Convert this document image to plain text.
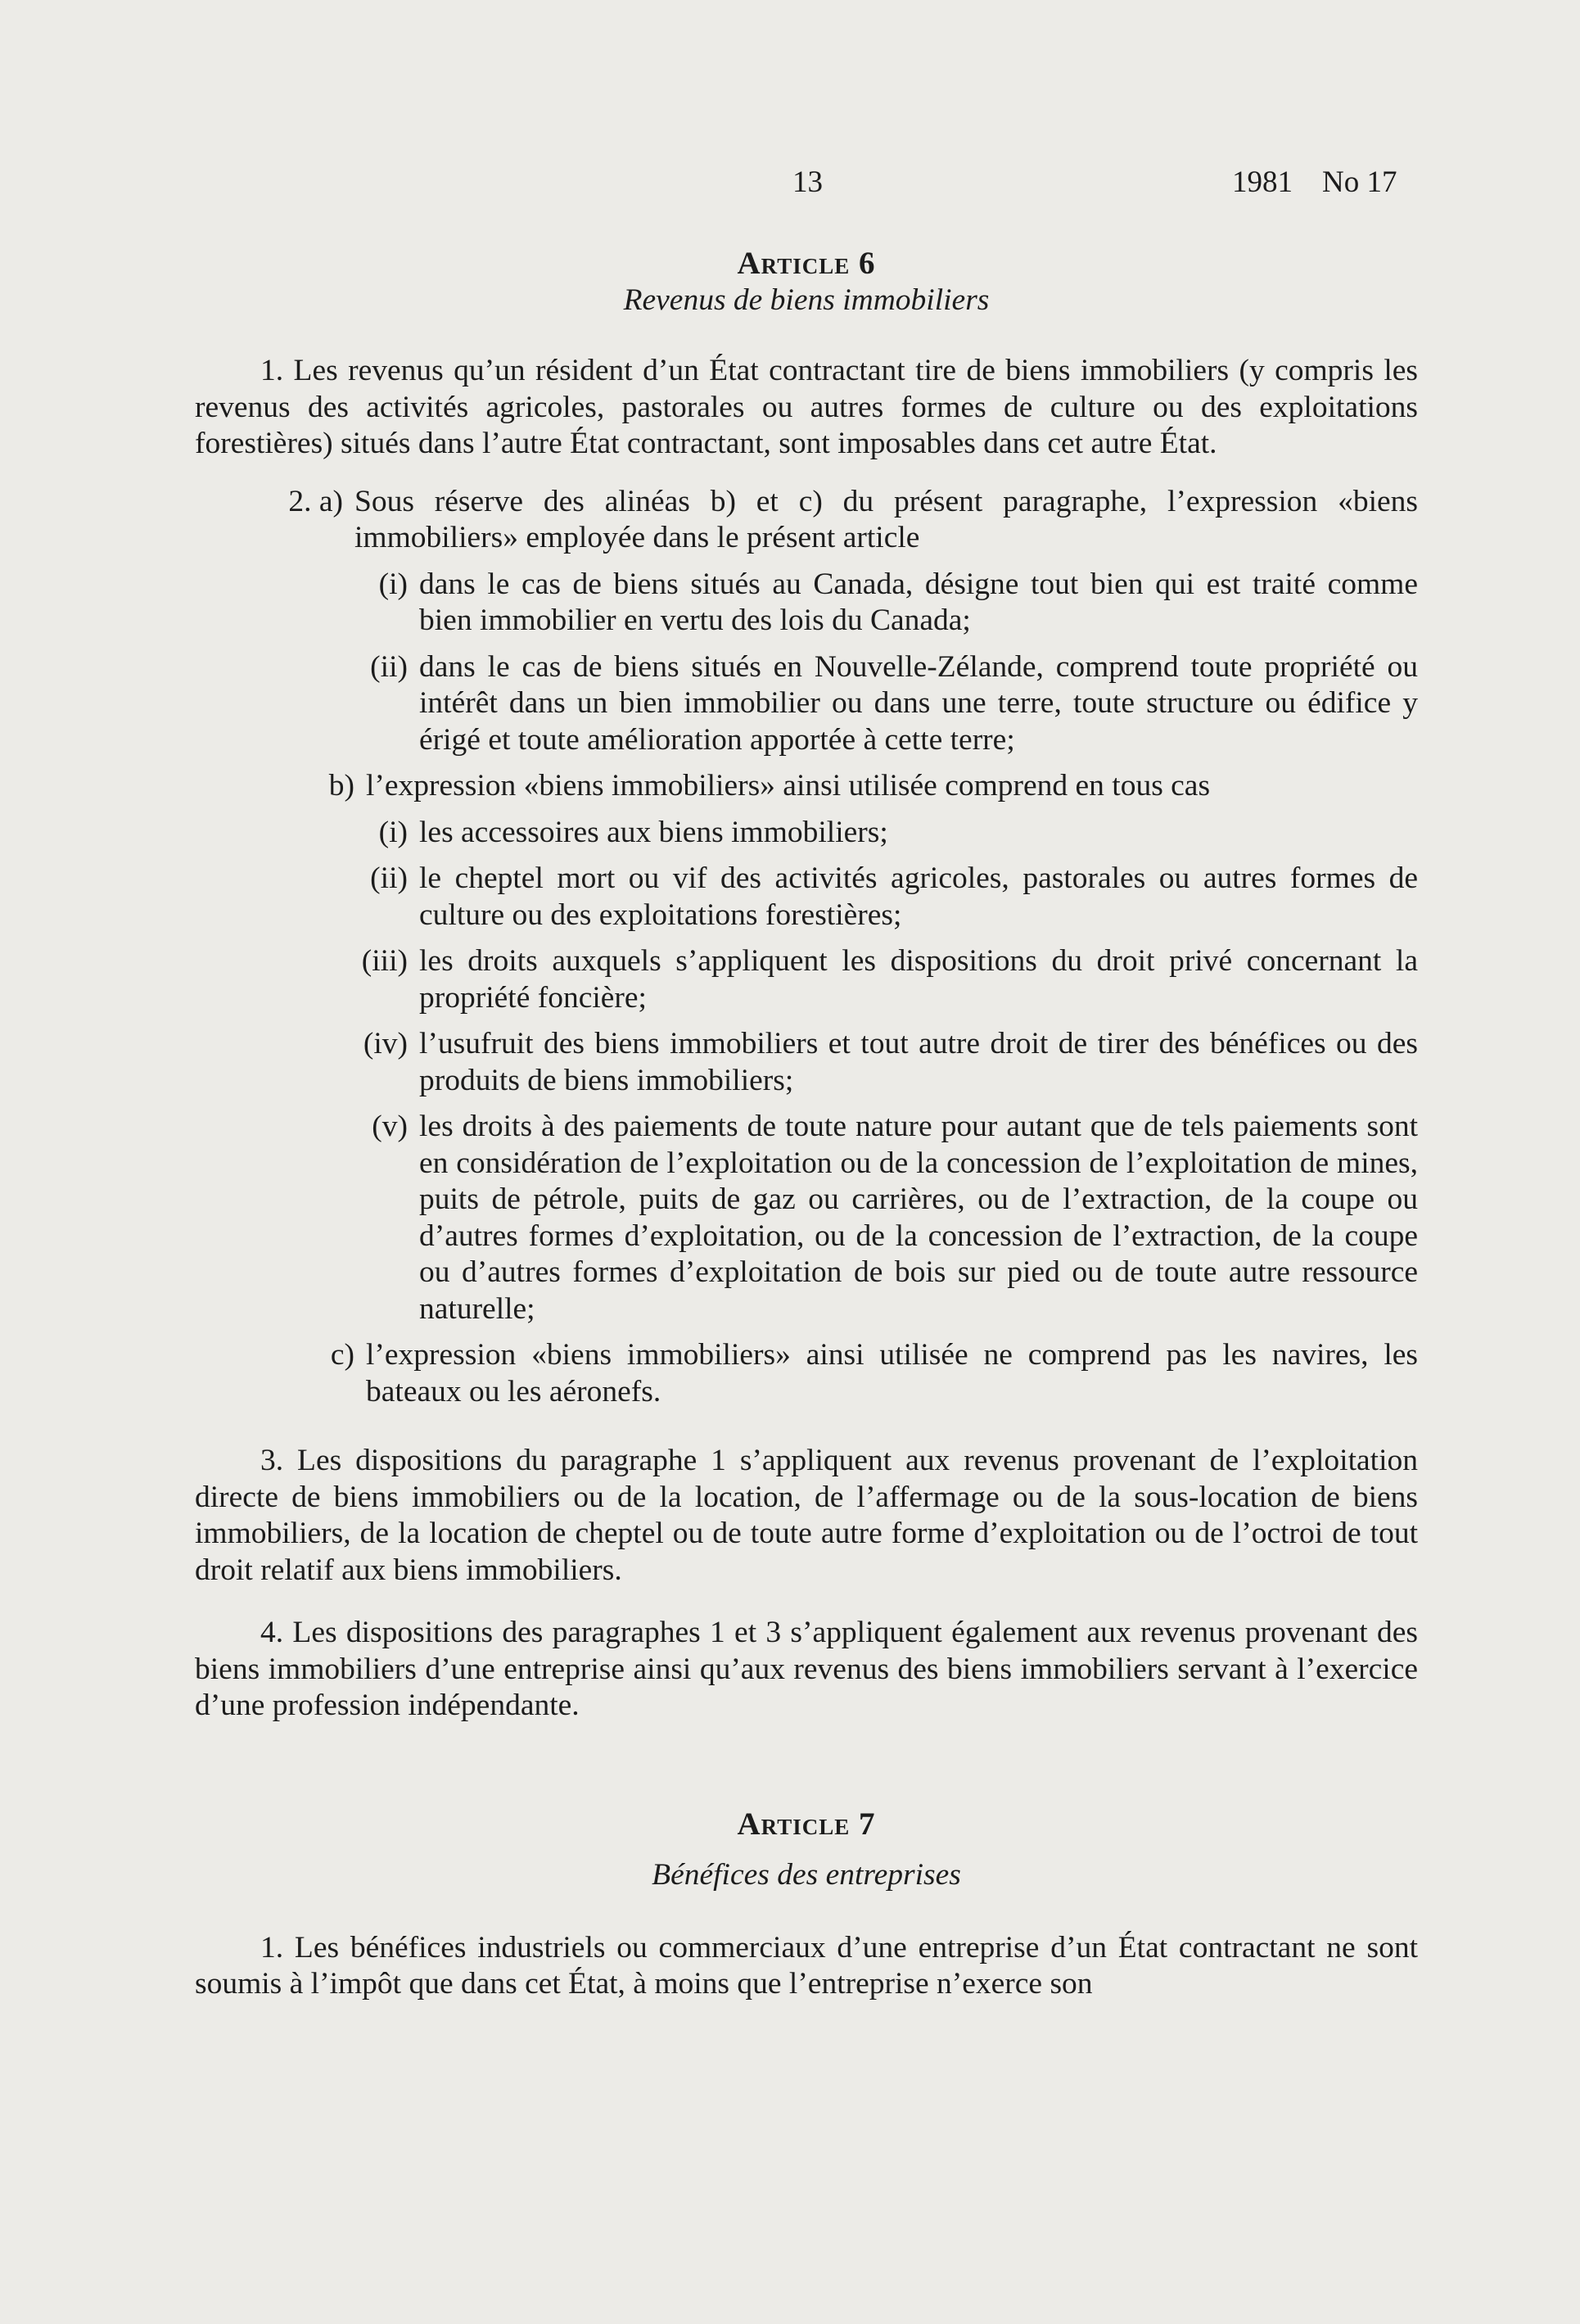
13	1981 No 17
Article 6

Revenus de biens immobiliers

1. Les revenus qu’un résident d’un État contractant tire de biens immobiliers (y compris les revenus des activités agricoles, pastorales ou autres formes de culture ou des exploitations forestières) situés dans l’autre État contractant, sont imposables dans cet autre État.

2. a) Sous réserve des alinéas b) et c) du présent paragraphe, l’expression «biens immobiliers» employée dans le présent article
(i) dans le cas de biens situés au Canada, désigne tout bien qui est traité comme bien immobilier en vertu des lois du Canada;
(ii) dans le cas de biens situés en Nouvelle-Zélande, comprend toute propriété ou intérêt dans un bien immobilier ou dans une terre, toute structure ou édifice y érigé et toute amélioration apportée à cette terre;
b) l’expression «biens immobiliers» ainsi utilisée comprend en tous cas
(i) les accessoires aux biens immobiliers;
(ii) le cheptel mort ou vif des activités agricoles, pastorales ou autres formes de culture ou des exploitations forestières;
(iii) les droits auxquels s’appliquent les dispositions du droit privé concernant la propriété foncière;
(iv) l’usufruit des biens immobiliers et tout autre droit de tirer des bénéfices ou des produits de biens immobiliers;
(v) les droits à des paiements de toute nature pour autant que de tels paiements sont en considération de l’exploitation ou de la concession de l’exploitation de mines, puits de pétrole, puits de gaz ou carrières, ou de l’extraction, de la coupe ou d’autres formes d’exploitation, ou de la concession de l’extraction, de la coupe ou d’autres formes d’exploitation de bois sur pied ou de toute autre ressource naturelle;
c) l’expression «biens immobiliers» ainsi utilisée ne comprend pas les navires, les bateaux ou les aéronefs.

3. Les dispositions du paragraphe 1 s’appliquent aux revenus provenant de l’exploitation directe de biens immobiliers ou de la location, de l’affermage ou de la sous-location de biens immobiliers, de la location de cheptel ou de toute autre forme d’exploitation ou de l’octroi de tout droit relatif aux biens immobiliers.

4. Les dispositions des paragraphes 1 et 3 s’appliquent également aux revenus provenant des biens immobiliers d’une entreprise ainsi qu’aux revenus des biens immobiliers servant à l’exercice d’une profession indépendante.

Article 7

Bénéfices des entreprises

1. Les bénéfices industriels ou commerciaux d’une entreprise d’un État contractant ne sont soumis à l’impôt que dans cet État, à moins que l’entreprise n’exerce son
